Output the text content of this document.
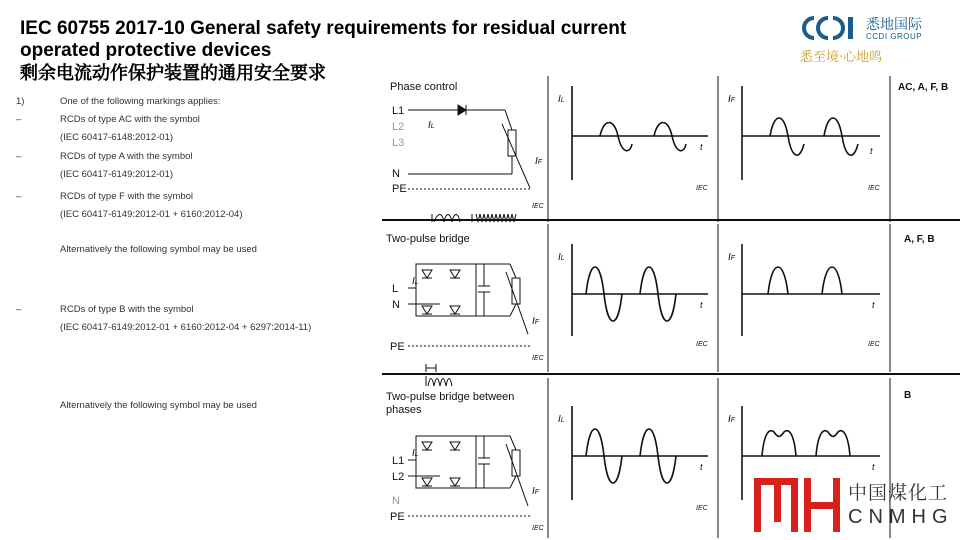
IEC 60755 2017-10 General safety requirements for residual current
operated protective devices
剩余电流动作保护装置的通用安全要求
悉地国际
CCDI GROUP
悉至境·心地鸣
1)	One of the following markings applies:
–	RCDs of type AC with the symbol
(IEC 60417-6148:2012-01)
–	RCDs of type A with the symbol
(IEC 60417-6149:2012-01)
–	RCDs of type F with the symbol
(IEC 60417-6149:2012-01 + 6160:2012-04)
Alternatively the following symbol may be used
–	RCDs of type B with the symbol
(IEC 60417-6149:2012-01 + 6160:2012-04 + 6297:2014-11)
Alternatively the following symbol may be used
Phase control	AC, A, F, B
L1
L2
L3
N
PE
IL
IF
IEC
IL
t
IEC
IF
t
IEC
Two-pulse bridge	A, F, B
L
N
PE
IL
IF
IEC
IL
t
IEC
IF
t
IEC
Two-pulse bridge between
phases
B
L1
L2
N
PE
IL
IF
IEC
IL
t
IEC
IF
t
中国煤化工
CNMHG
